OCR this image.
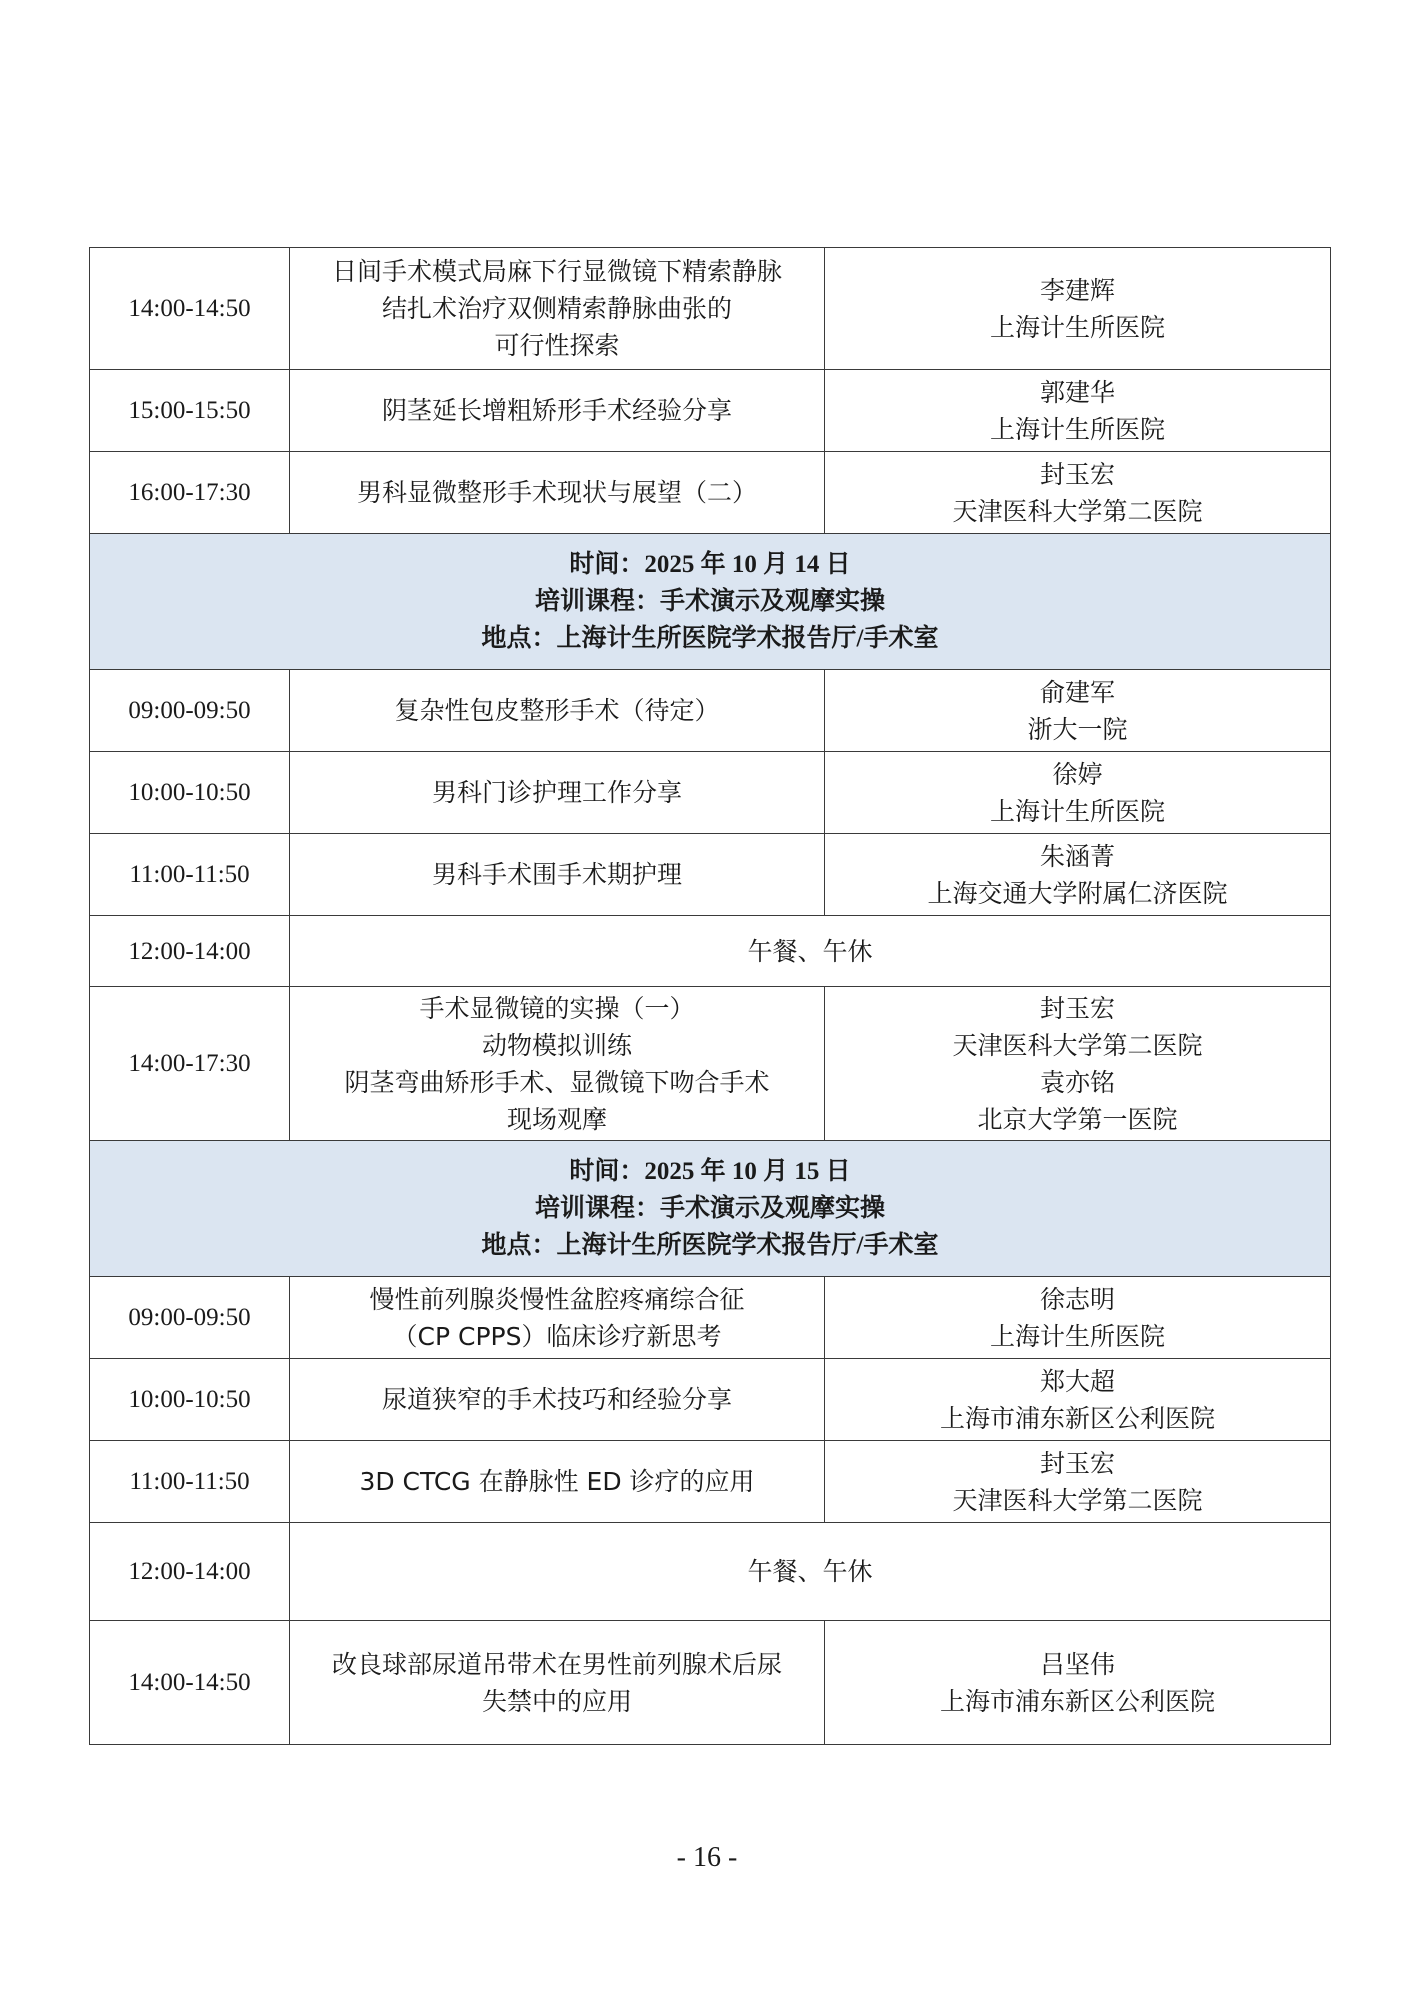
14:00-14:50	日间手术模式局麻下行显微镜下精索静脉
结扎术治疗双侧精索静脉曲张的
可行性探索	李建辉
上海计生所医院

15:00-15:50	阴茎延长增粗矫形手术经验分享	郭建华
上海计生所医院

16:00-17:30	男科显微整形手术现状与展望（二）	封玉宏
天津医科大学第二医院

时间：2025 年 10 月 14 日
培训课程：手术演示及观摩实操
地点：上海计生所医院学术报告厅/手术室		

09:00-09:50	复杂性包皮整形手术（待定）	俞建军
浙大一院

10:00-10:50	男科门诊护理工作分享	徐婷
上海计生所医院

11:00-11:50	男科手术围手术期护理	朱涵菁
上海交通大学附属仁济医院

12:00-14:00	午餐、午休	
14:00-17:30	手术显微镜的实操（一）
动物模拟训练
阴茎弯曲矫形手术、显微镜下吻合手术
现场观摩	封玉宏
天津医科大学第二医院
袁亦铭
北京大学第一医院

时间：2025 年 10 月 15 日
培训课程：手术演示及观摩实操
地点：上海计生所医院学术报告厅/手术室		

09:00-09:50	慢性前列腺炎慢性盆腔疼痛综合征
（CP CPPS）临床诊疗新思考	徐志明
上海计生所医院

10:00-10:50	尿道狭窄的手术技巧和经验分享	郑大超
上海市浦东新区公利医院

11:00-11:50	3D CTCG 在静脉性 ED 诊疗的应用	封玉宏
天津医科大学第二医院

12:00-14:00	午餐、午休	
14:00-14:50	改良球部尿道吊带术在男性前列腺术后尿
失禁中的应用	吕坚伟
上海市浦东新区公利医院
- 16 -
